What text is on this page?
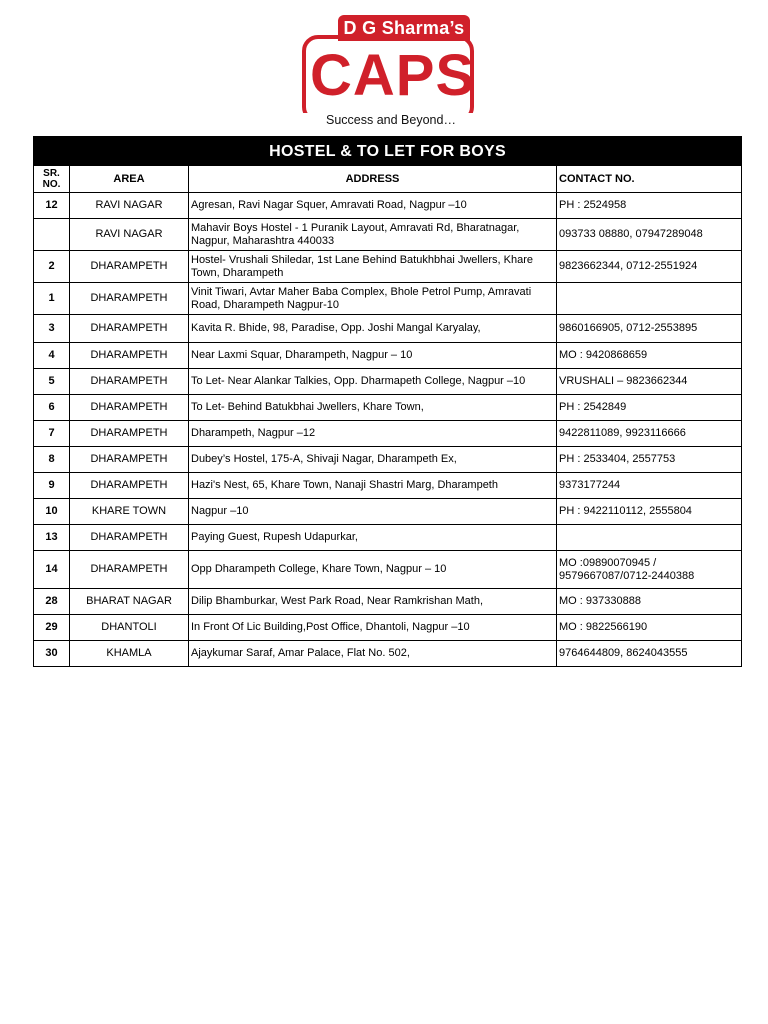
D G Sharma’s
CAPS
Success and Beyond…
HOSTEL & TO LET FOR BOYS			
SR. NO.	AREA	ADDRESS	CONTACT NO.
12	RAVI NAGAR	Agresan, Ravi Nagar Squer, Amravati Road, Nagpur –10	PH : 2524958
	RAVI NAGAR	Mahavir Boys Hostel - 1 Puranik Layout, Amravati Rd, Bharatnagar, Nagpur, Maharashtra 440033	093733 08880, 07947289048
2	DHARAMPETH	Hostel- Vrushali Shiledar, 1st Lane Behind Batukhbhai Jwellers, Khare Town, Dharampeth	9823662344, 0712-2551924
1	DHARAMPETH	Vinit Tiwari, Avtar Maher Baba Complex, Bhole Petrol Pump, Amravati Road, Dharampeth Nagpur-10	
3	DHARAMPETH	Kavita R. Bhide, 98, Paradise, Opp. Joshi Mangal Karyalay,	9860166905, 0712-2553895
4	DHARAMPETH	Near Laxmi Squar, Dharampeth, Nagpur – 10	MO : 9420868659
5	DHARAMPETH	To Let- Near Alankar Talkies, Opp. Dharmapeth College, Nagpur –10	VRUSHALI – 9823662344
6	DHARAMPETH	To Let- Behind Batukbhai Jwellers, Khare Town,	PH : 2542849
7	DHARAMPETH	Dharampeth, Nagpur –12	9422811089, 9923116666
8	DHARAMPETH	Dubey’s Hostel, 175-A, Shivaji Nagar, Dharampeth Ex,	PH : 2533404, 2557753
9	DHARAMPETH	Hazi's Nest, 65, Khare Town, Nanaji Shastri Marg, Dharampeth	9373177244
10	KHARE TOWN	Nagpur –10	PH : 9422110112, 2555804
13	DHARAMPETH	Paying Guest, Rupesh Udapurkar,	
14	DHARAMPETH	Opp Dharampeth College, Khare Town, Nagpur – 10	MO :09890070945 / 9579667087/0712-2440388
28	BHARAT NAGAR	Dilip Bhamburkar, West Park Road, Near Ramkrishan Math,	MO : 937330888
29	DHANTOLI	In Front Of Lic Building,Post Office, Dhantoli, Nagpur –10	MO : 9822566190
30	KHAMLA	Ajaykumar Saraf, Amar Palace, Flat No. 502,	9764644809, 8624043555
